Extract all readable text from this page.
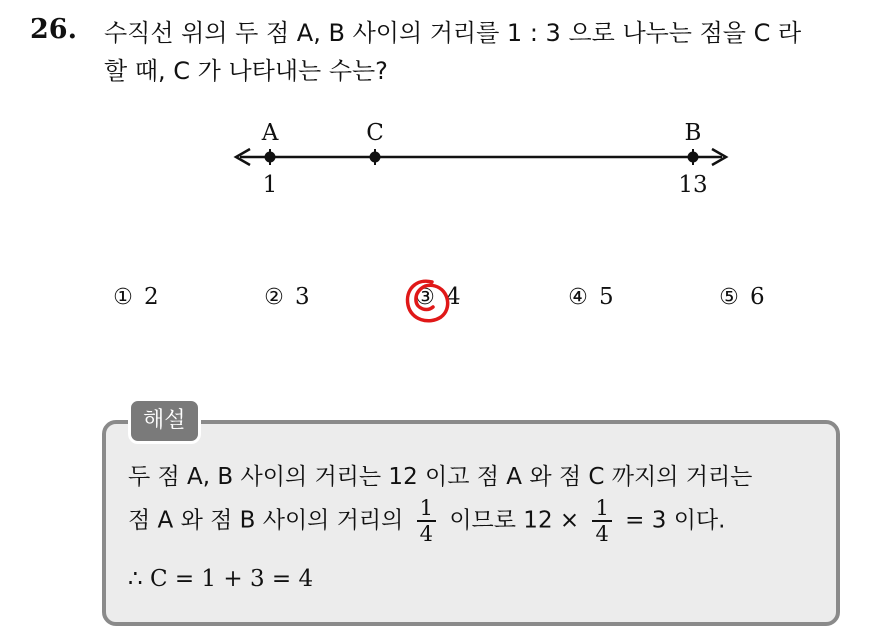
26. 수직선 위의 두 점 A, B 사이의 거리를 1 : 3 으로 나누는 점을 C 라
할 때, C 가 나타내는 수는?
A	C	B
1	13
① 2	② 3	③ 4	④ 5	⑤ 6
해설
두 점 A, B 사이의 거리는 12 이고 점 A 와 점 C 까지의 거리는
점 A 와 점 B 사이의 거리의 $\frac{1}{4}$ 이므로 $12 \times \frac{1}{4} = 3$ 이다.
∴ C = 1 + 3 = 4
